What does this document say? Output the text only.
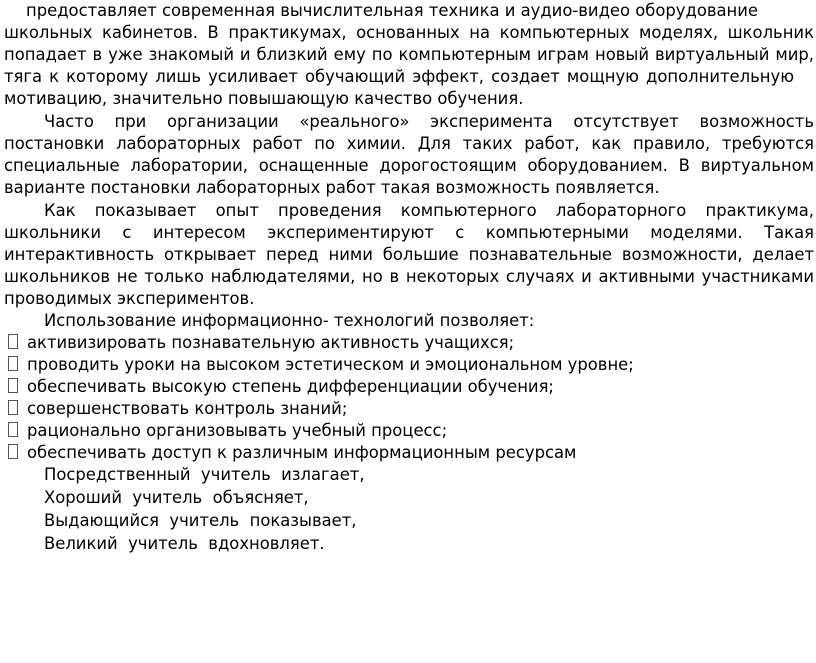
предоставляет современная вычислительная техника и аудио-видео оборудование
школьных кабинетов. В практикумах, основанных на компьютерных моделях, школьник
попадает в уже знакомый и близкий ему по компьютерным играм новый виртуальный мир,
тяга к которому лишь усиливает обучающий эффект, создает мощную дополнительную
мотивацию, значительно повышающую качество обучения.
Часто при организации «реального» эксперимента отсутствует возможность
постановки лабораторных работ по химии. Для таких работ, как правило, требуются
специальные лаборатории, оснащенные дорогостоящим оборудованием. В виртуальном
варианте постановки лабораторных работ такая возможность появляется.
Как показывает опыт проведения компьютерного лабораторного практикума,
школьники с интересом экспериментируют с компьютерными моделями. Такая
интерактивность открывает перед ними большие познавательные возможности, делает
школьников не только наблюдателями, но в некоторых случаях и активными участниками
проводимых экспериментов.
Использование информационно- технологий позволяет:
активизировать познавательную активность учащихся;
проводить уроки на высоком эстетическом и эмоциональном уровне;
обеспечивать высокую степень дифференциации обучения;
совершенствовать контроль знаний;
рационально организовывать учебный процесс;
обеспечивать доступ к различным информационным ресурсам
Посредственный  учитель  излагает,
Хороший  учитель  объясняет,
Выдающийся  учитель  показывает,
Великий  учитель  вдохновляет.
